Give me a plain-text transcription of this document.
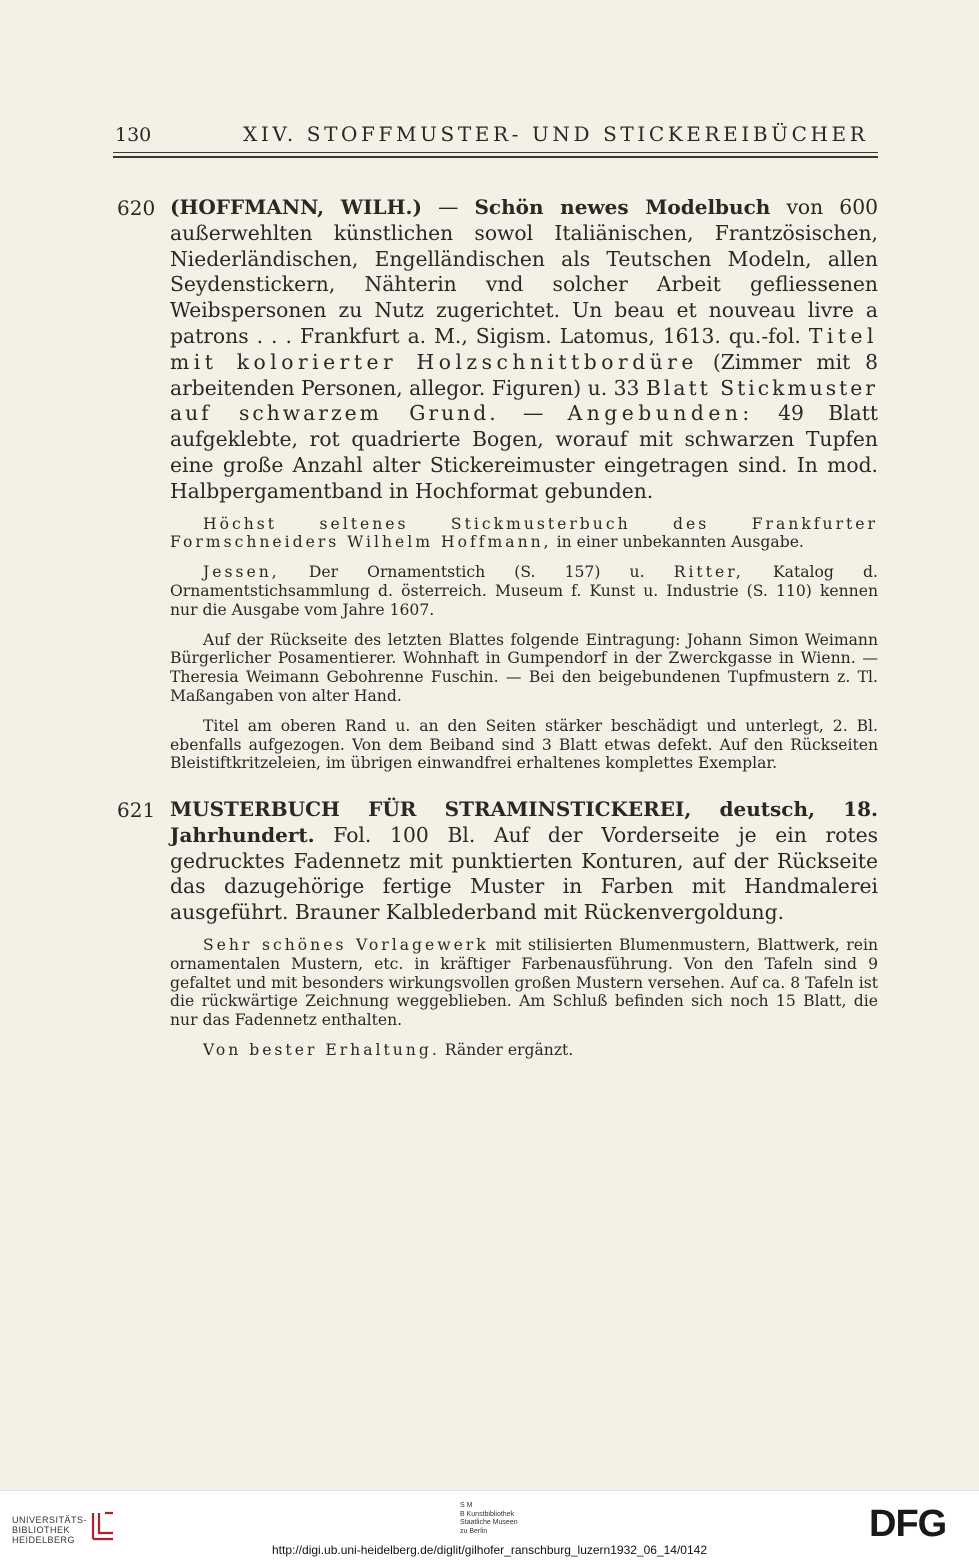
130	XIV. STOFFMUSTER- UND STICKEREIBÜCHER
620 (HOFFMANN, WILH.) — Schön newes Modelbuch von 600 außerwehlten künstlichen sowol Italiänischen, Frantzösischen, Niederländischen, Engelländischen als Teutschen Modeln, allen Seydenstickern, Nähterin vnd solcher Arbeit gefliessenen Weibspersonen zu Nutz zugerichtet. Un beau et nouveau livre a patrons . . . Frankfurt a. M., Sigism. Latomus, 1613. qu.-fol. Titel mit kolorierter Holzschnittbordüre (Zimmer mit 8 arbeitenden Personen, allegor. Figuren) u. 33 Blatt Stickmuster auf schwarzem Grund. — Angebunden: 49 Blatt aufgeklebte, rot quadrierte Bogen, worauf mit schwarzen Tupfen eine große Anzahl alter Stickereimuster eingetragen sind. In mod. Halbpergamentband in Hochformat gebunden.

Höchst seltenes Stickmusterbuch des Frankfurter Formschneiders Wilhelm Hoffmann, in einer unbekannten Ausgabe.

Jessen, Der Ornamentstich (S. 157) u. Ritter, Katalog d. Ornamentstichsammlung d. österreich. Museum f. Kunst u. Industrie (S. 110) kennen nur die Ausgabe vom Jahre 1607.

Auf der Rückseite des letzten Blattes folgende Eintragung: Johann Simon Weimann Bürgerlicher Posamentierer. Wohnhaft in Gumpendorf in der Zwerckgasse in Wienn. — Theresia Weimann Gebohrenne Fuschin. — Bei den beigebundenen Tupfmustern z. Tl. Maßangaben von alter Hand.

Titel am oberen Rand u. an den Seiten stärker beschädigt und unterlegt, 2. Bl. ebenfalls aufgezogen. Von dem Beiband sind 3 Blatt etwas defekt. Auf den Rückseiten Bleistiftkritzeleien, im übrigen einwandfrei erhaltenes komplettes Exemplar.

621 MUSTERBUCH FÜR STRAMINSTICKEREI, deutsch, 18. Jahrhundert. Fol. 100 Bl. Auf der Vorderseite je ein rotes gedrucktes Fadennetz mit punktierten Konturen, auf der Rückseite das dazugehörige fertige Muster in Farben mit Handmalerei ausgeführt. Brauner Kalblederband mit Rückenvergoldung.

Sehr schönes Vorlagewerk mit stilisierten Blumenmustern, Blattwerk, rein ornamentalen Mustern, etc. in kräftiger Farbenausführung. Von den Tafeln sind 9 gefaltet und mit besonders wirkungsvollen großen Mustern versehen. Auf ca. 8 Tafeln ist die rückwärtige Zeichnung weggeblieben. Am Schluß befinden sich noch 15 Blatt, die nur das Fadennetz enthalten.

Von bester Erhaltung. Ränder ergänzt.

UNIVERSITÄTS-
BIBLIOTHEK
HEIDELBERG
S M
B Kunstbibliothek
Staatliche Museen
zu Berlin	DFG
http://digi.ub.uni-heidelberg.de/diglit/gilhofer_ranschburg_luzern1932_06_14/0142
